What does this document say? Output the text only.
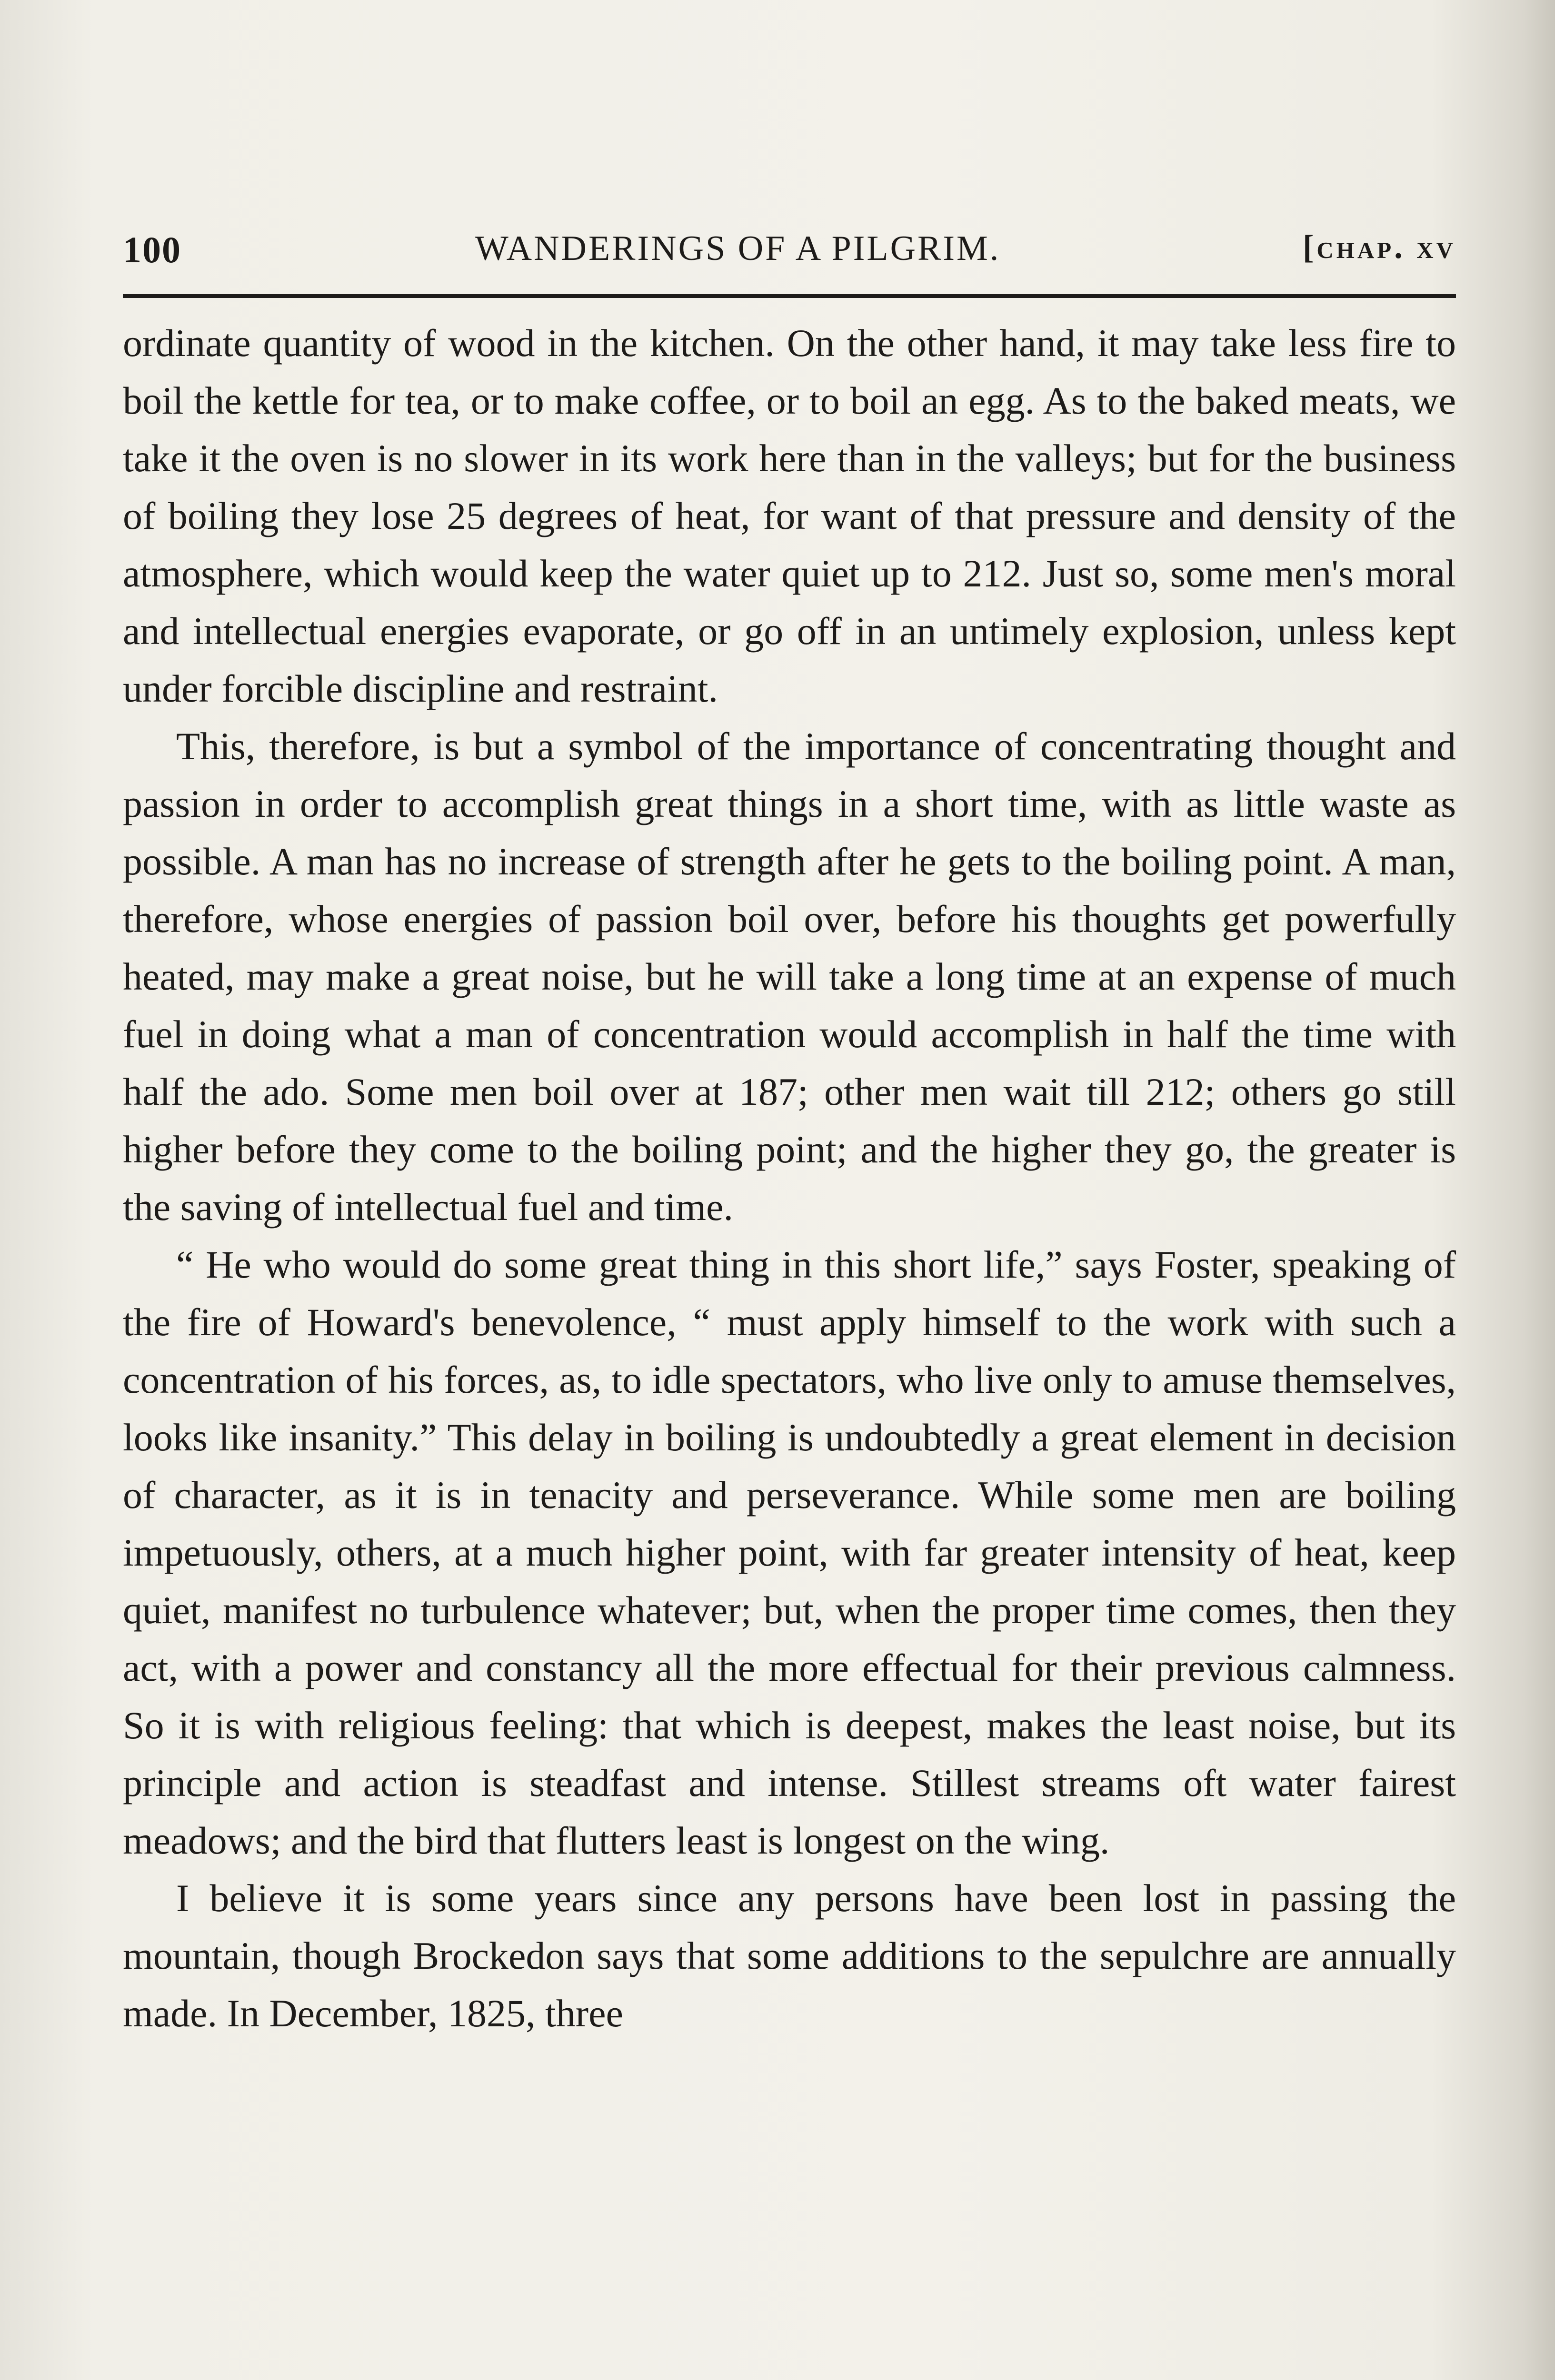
100	WANDERINGS OF A PILGRIM.	[chap. xv

ordinate quantity of wood in the kitchen. On the other hand, it may take less fire to boil the kettle for tea, or to make coffee, or to boil an egg. As to the baked meats, we take it the oven is no slower in its work here than in the valleys; but for the business of boiling they lose 25 degrees of heat, for want of that pressure and density of the atmosphere, which would keep the water quiet up to 212. Just so, some men's moral and intellectual energies evaporate, or go off in an untimely explosion, unless kept under forcible discipline and restraint.

This, therefore, is but a symbol of the importance of concentrating thought and passion in order to accomplish great things in a short time, with as little waste as possible. A man has no increase of strength after he gets to the boiling point. A man, therefore, whose energies of passion boil over, before his thoughts get powerfully heated, may make a great noise, but he will take a long time at an expense of much fuel in doing what a man of concentration would accomplish in half the time with half the ado. Some men boil over at 187; other men wait till 212; others go still higher before they come to the boiling point; and the higher they go, the greater is the saving of intellectual fuel and time.

“ He who would do some great thing in this short life,” says Foster, speaking of the fire of Howard's benevolence, “ must apply himself to the work with such a concentration of his forces, as, to idle spectators, who live only to amuse themselves, looks like insanity.” This delay in boiling is undoubtedly a great element in decision of character, as it is in tenacity and perseverance. While some men are boiling impetuously, others, at a much higher point, with far greater intensity of heat, keep quiet, manifest no turbulence whatever; but, when the proper time comes, then they act, with a power and constancy all the more effectual for their previous calmness. So it is with religious feeling: that which is deepest, makes the least noise, but its principle and action is steadfast and intense. Stillest streams oft water fairest meadows; and the bird that flutters least is longest on the wing.

I believe it is some years since any persons have been lost in passing the mountain, though Brockedon says that some additions to the sepulchre are annually made. In December, 1825, three
